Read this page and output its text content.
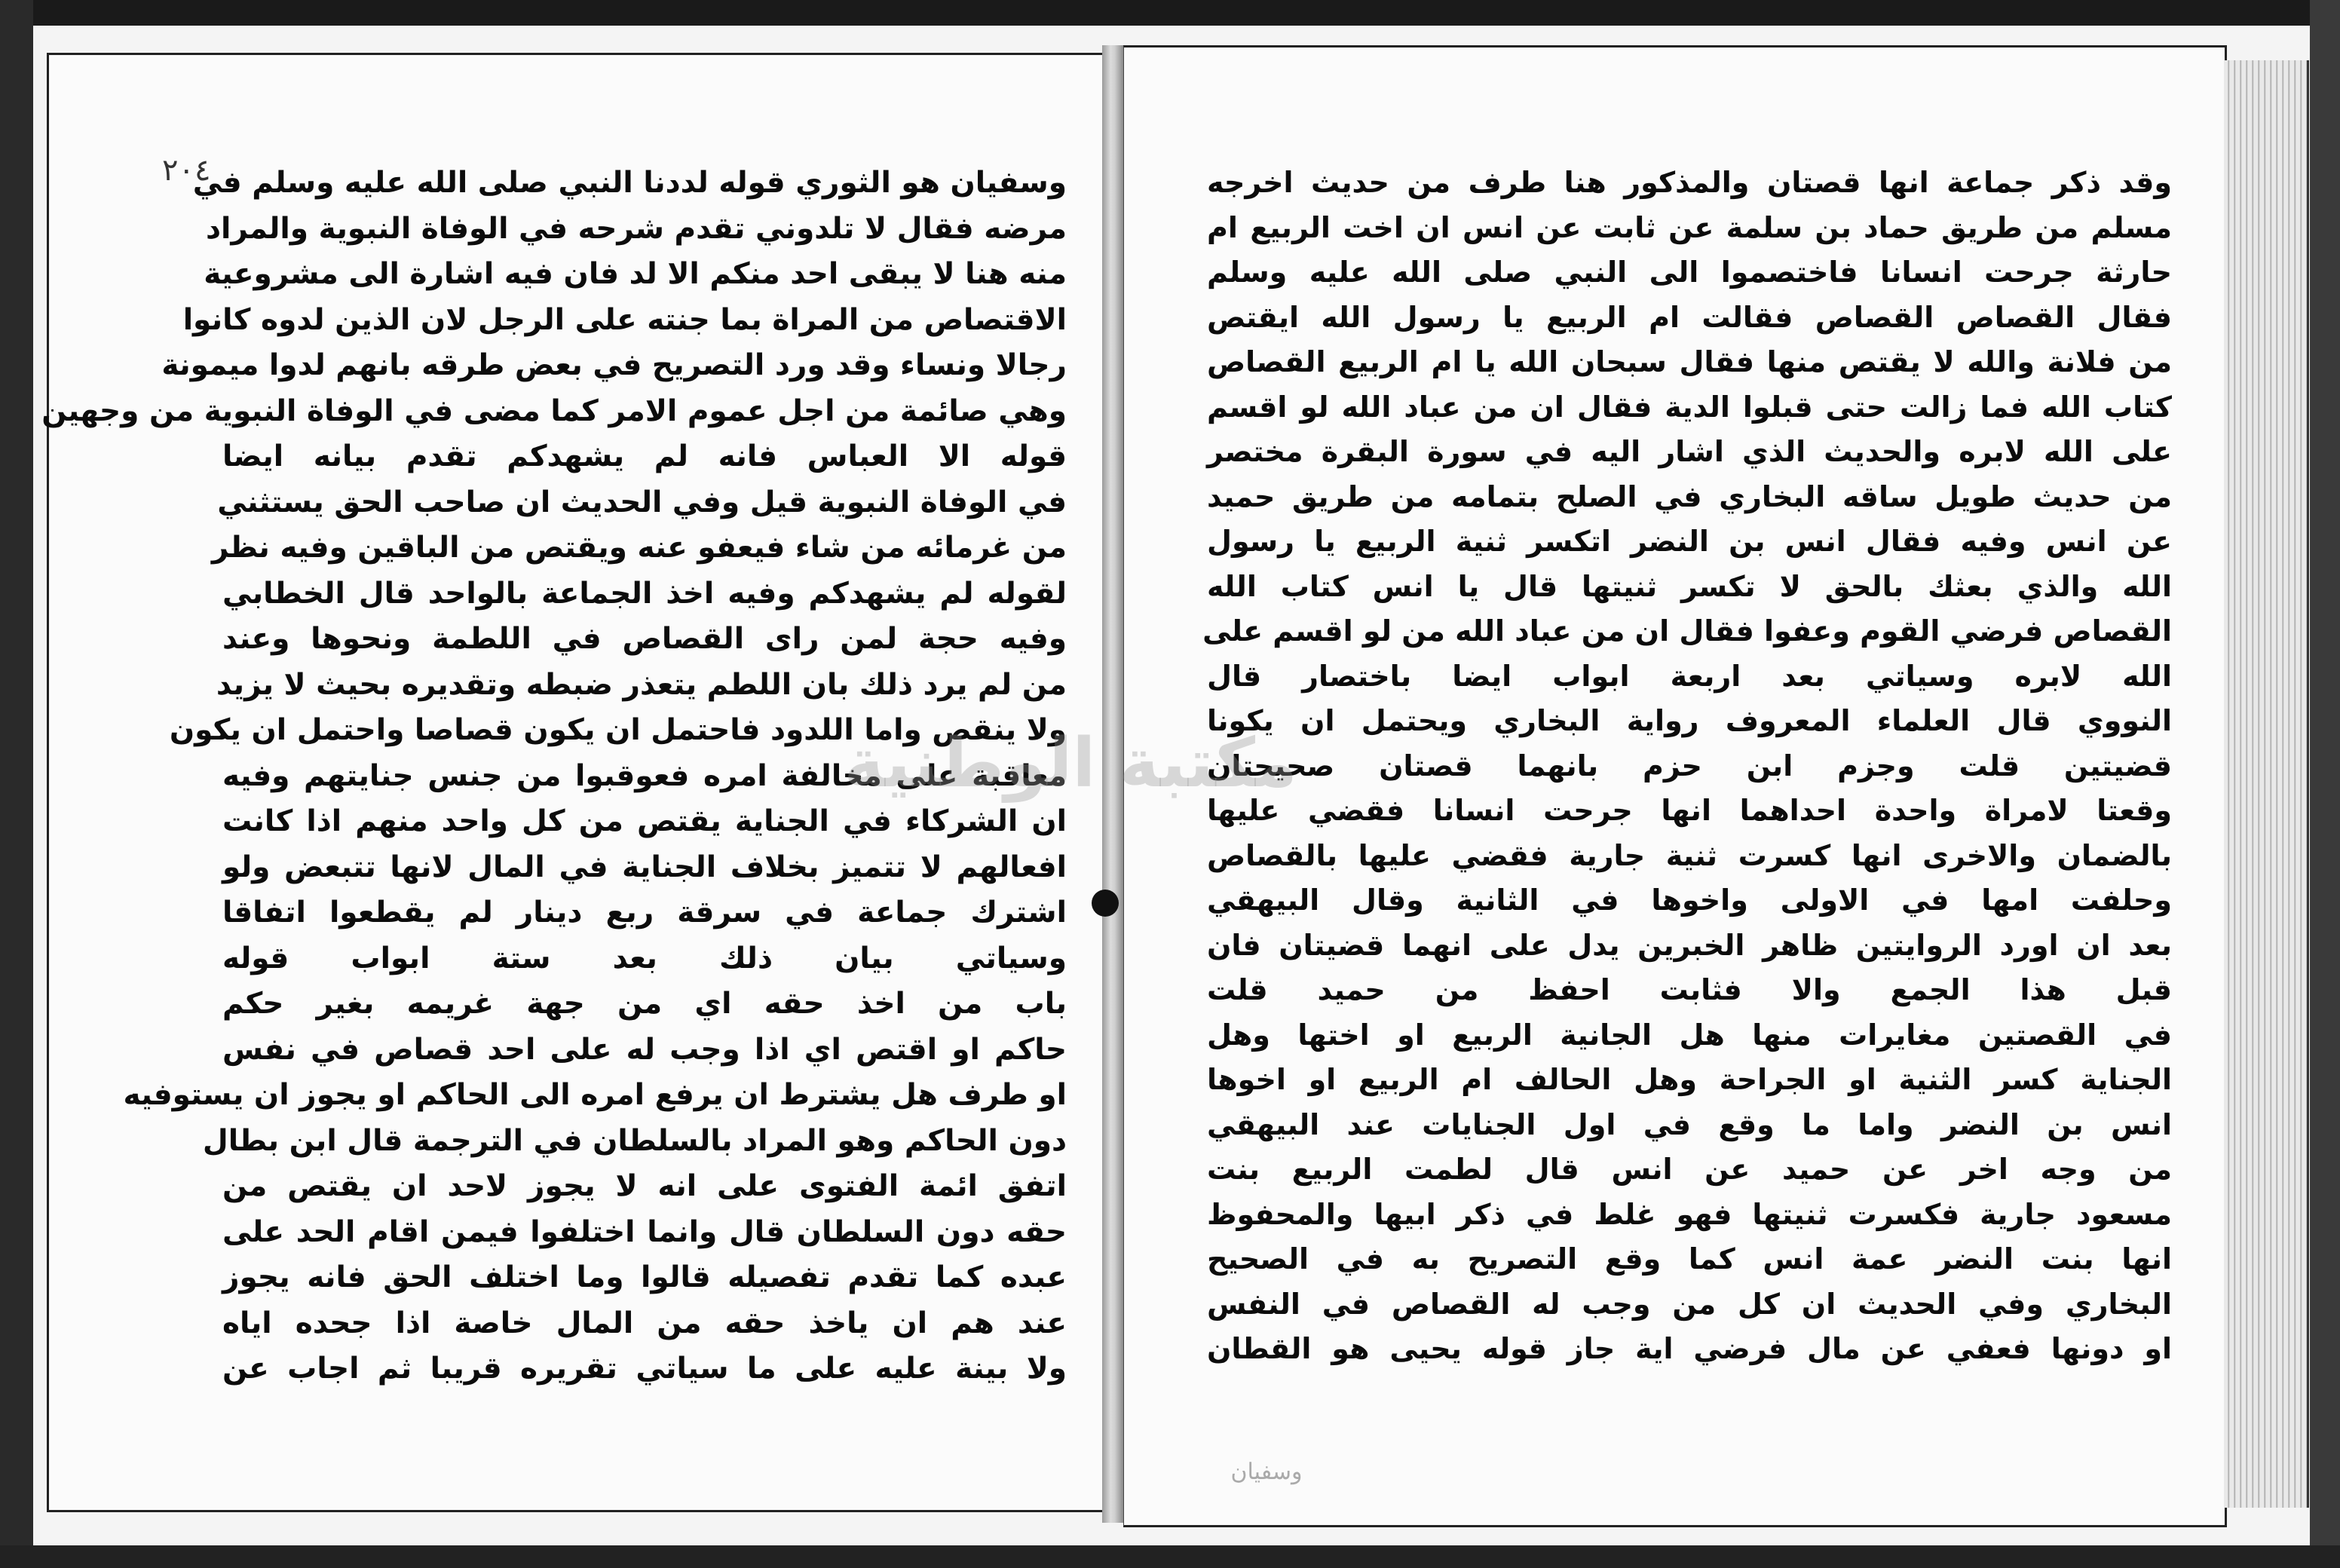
٢٠٤
وسفيان هو الثوري قوله لددنا النبي صلى الله عليه وسلم في
مرضه فقال لا تلدوني تقدم شرحه في الوفاة النبوية والمراد
منه هنا لا يبقى احد منكم الا لد فان فيه اشارة الى مشروعية
الاقتصاص من المراة بما جنته على الرجل لان الذين لدوه كانوا
رجالا ونساء وقد ورد التصريح في بعض طرقه بانهم لدوا ميمونة
وهي صائمة من اجل عموم الامر كما مضى في الوفاة النبوية من وجهين
قوله الا العباس فانه لم يشهدكم تقدم بيانه ايضا
في الوفاة النبوية قيل وفي الحديث ان صاحب الحق يستثني
من غرمائه من شاء فيعفو عنه ويقتص من الباقين وفيه نظر
لقوله لم يشهدكم وفيه اخذ الجماعة بالواحد قال الخطابي
وفيه حجة لمن راى القصاص في اللطمة ونحوها وعند
من لم يرد ذلك بان اللطم يتعذر ضبطه وتقديره بحيث لا يزيد
ولا ينقص واما اللدود فاحتمل ان يكون قصاصا واحتمل ان يكون
معاقبة على مخالفة امره فعوقبوا من جنس جنايتهم وفيه
ان الشركاء في الجناية يقتص من كل واحد منهم اذا كانت
افعالهم لا تتميز بخلاف الجناية في المال لانها تتبعض ولو
اشترك جماعة في سرقة ربع دينار لم يقطعوا اتفاقا
وسياتي بيان ذلك بعد ستة ابواب قوله
باب من اخذ حقه اي من جهة غريمه بغير حكم
حاكم او اقتص اي اذا وجب له على احد قصاص في نفس
او طرف هل يشترط ان يرفع امره الى الحاكم او يجوز ان يستوفيه
دون الحاكم وهو المراد بالسلطان في الترجمة قال ابن بطال
اتفق ائمة الفتوى على انه لا يجوز لاحد ان يقتص من
حقه دون السلطان قال وانما اختلفوا فيمن اقام الحد على
عبده كما تقدم تفصيله قالوا وما اختلف الحق فانه يجوز
عند هم ان ياخذ حقه من المال خاصة اذا جحده اياه
ولا بينة عليه على ما سياتي تقريره قريبا ثم اجاب عن
وقد ذكر جماعة انها قصتان والمذكور هنا طرف من حديث اخرجه
مسلم من طريق حماد بن سلمة عن ثابت عن انس ان اخت الربيع ام
حارثة جرحت انسانا فاختصموا الى النبي صلى الله عليه وسلم
فقال القصاص القصاص فقالت ام الربيع يا رسول الله ايقتص
من فلانة والله لا يقتص منها فقال سبحان الله يا ام الربيع القصاص
كتاب الله فما زالت حتى قبلوا الدية فقال ان من عباد الله لو اقسم
على الله لابره والحديث الذي اشار اليه في سورة البقرة مختصر
من حديث طويل ساقه البخاري في الصلح بتمامه من طريق حميد
عن انس وفيه فقال انس بن النضر اتكسر ثنية الربيع يا رسول
الله والذي بعثك بالحق لا تكسر ثنيتها قال يا انس كتاب الله
القصاص فرضي القوم وعفوا فقال ان من عباد الله من لو اقسم على
الله لابره وسياتي بعد اربعة ابواب ايضا باختصار قال
النووي قال العلماء المعروف رواية البخاري ويحتمل ان يكونا
قضيتين قلت وجزم ابن حزم بانهما قصتان صحيحتان
وقعتا لامراة واحدة احداهما انها جرحت انسانا فقضي عليها
بالضمان والاخرى انها كسرت ثنية جارية فقضي عليها بالقصاص
وحلفت امها في الاولى واخوها في الثانية وقال البيهقي
بعد ان اورد الروايتين ظاهر الخبرين يدل على انهما قضيتان فان
قبل هذا الجمع والا فثابت احفظ من حميد قلت
في القصتين مغايرات منها هل الجانية الربيع او اختها وهل
الجناية كسر الثنية او الجراحة وهل الحالف ام الربيع او اخوها
انس بن النضر واما ما وقع في اول الجنايات عند البيهقي
من وجه اخر عن حميد عن انس قال لطمت الربيع بنت
مسعود جارية فكسرت ثنيتها فهو غلط في ذكر ابيها والمحفوظ
انها بنت النضر عمة انس كما وقع التصريح به في الصحيح
البخاري وفي الحديث ان كل من وجب له القصاص في النفس
او دونها فعفي عن مال فرضي اية جاز قوله يحيى هو القطان
وسفيان
مكتبة الوطنية
